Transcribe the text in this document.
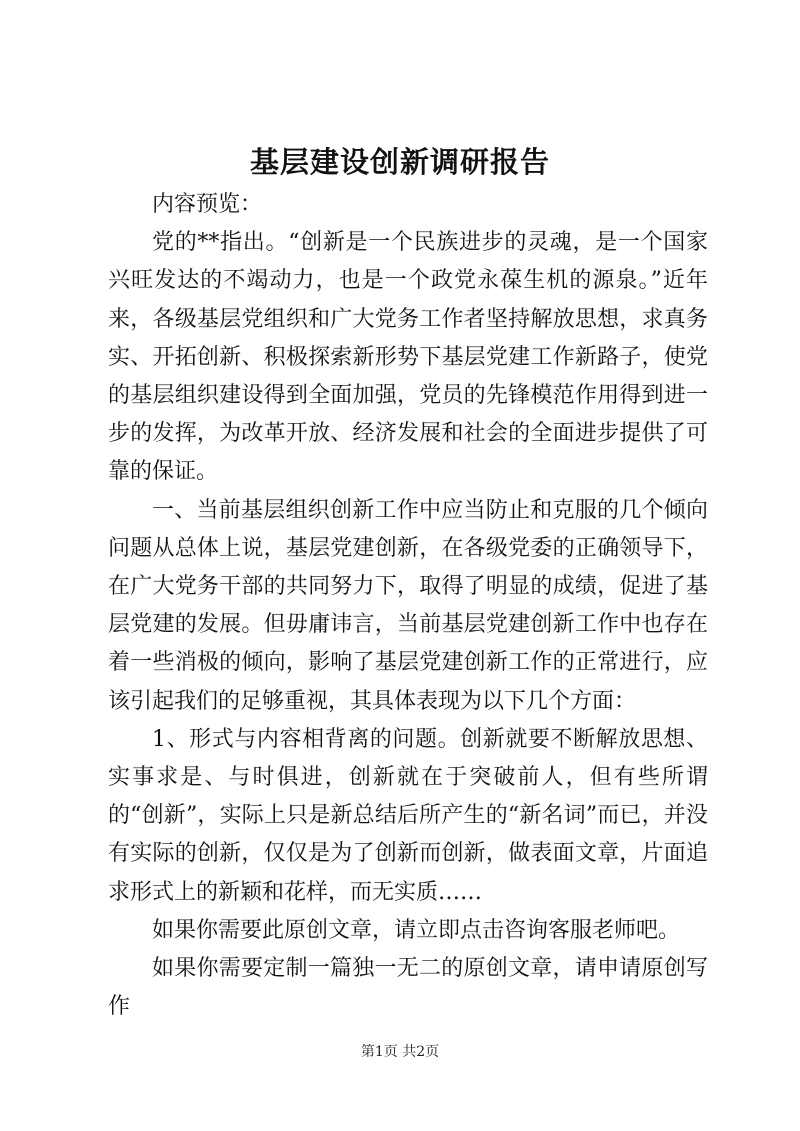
基层建设创新调研报告

内容预览：

党的**指出。“创新是一个民族进步的灵魂，是一个国家兴旺发达的不竭动力，也是一个政党永葆生机的源泉。”近年来，各级基层党组织和广大党务工作者坚持解放思想，求真务实、开拓创新、积极探索新形势下基层党建工作新路子，使党的基层组织建设得到全面加强，党员的先锋模范作用得到进一步的发挥，为改革开放、经济发展和社会的全面进步提供了可靠的保证。

一、当前基层组织创新工作中应当防止和克服的几个倾向问题从总体上说，基层党建创新，在各级党委的正确领导下，在广大党务干部的共同努力下，取得了明显的成绩，促进了基层党建的发展。但毋庸讳言，当前基层党建创新工作中也存在着一些消极的倾向，影响了基层党建创新工作的正常进行，应该引起我们的足够重视，其具体表现为以下几个方面：

1、形式与内容相背离的问题。创新就要不断解放思想、实事求是、与时俱进，创新就在于突破前人，但有些所谓的“创新”，实际上只是新总结后所产生的“新名词”而已，并没有实际的创新，仅仅是为了创新而创新，做表面文章，片面追求形式上的新颖和花样，而无实质……

如果你需要此原创文章，请立即点击咨询客服老师吧。

如果你需要定制一篇独一无二的原创文章，请申请原创写作

第1页 共2页
